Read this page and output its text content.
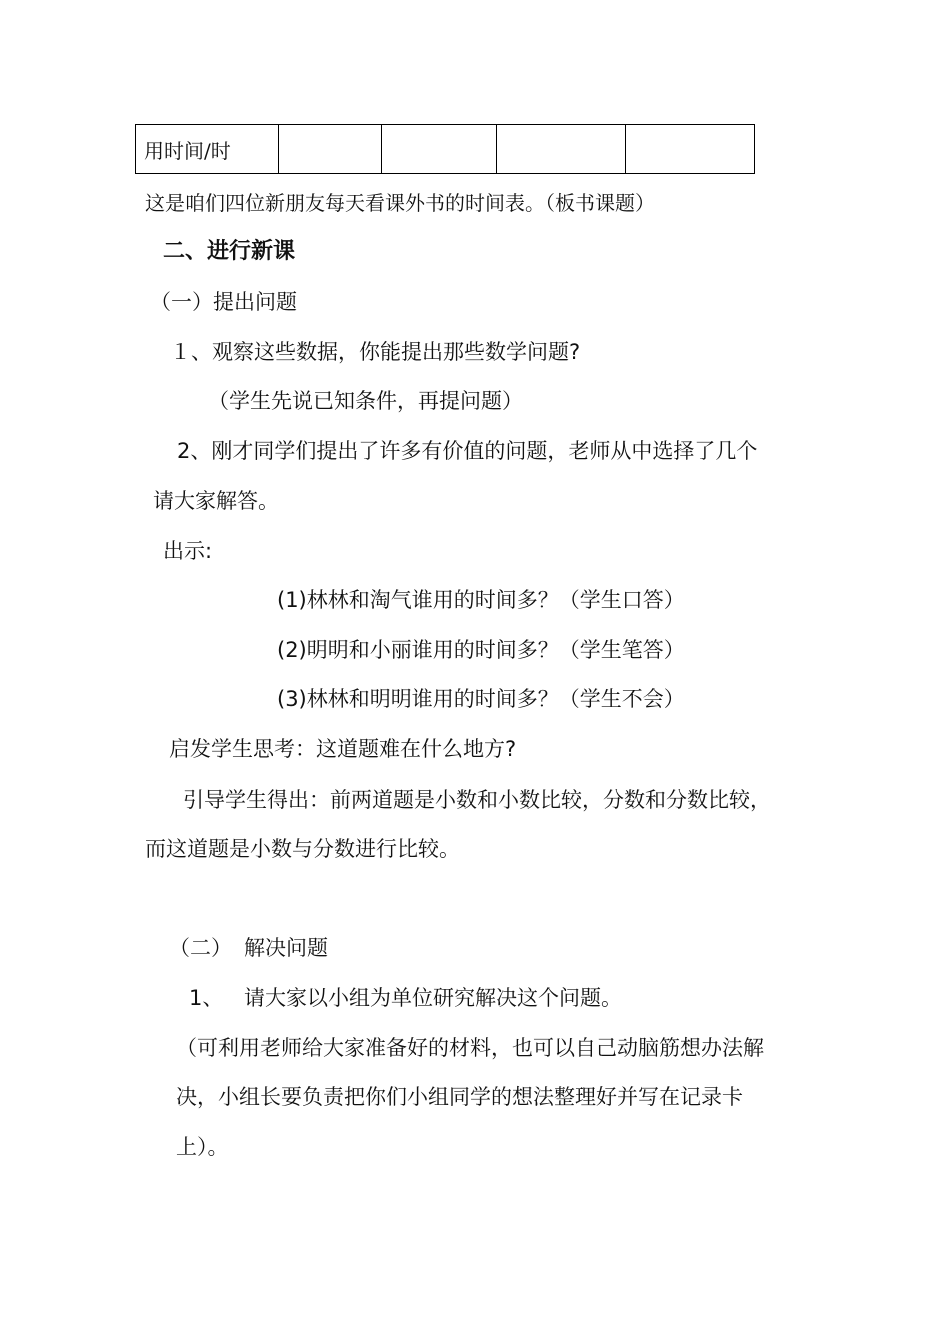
用时间/时				
这是咱们四位新朋友每天看课外书的时间表。（板书课题）
二、进行新课
（一）提出问题
１、观察这些数据，你能提出那些数学问题?
（学生先说已知条件，再提问题）
2、刚才同学们提出了许多有价值的问题，老师从中选择了几个
请大家解答。
出示:
(1)林林和淘气谁用的时间多？（学生口答）
(2)明明和小丽谁用的时间多？（学生笔答）
(3)林林和明明谁用的时间多？（学生不会）
启发学生思考：这道题难在什么地方?
引导学生得出：前两道题是小数和小数比较，分数和分数比较，
而这道题是小数与分数进行比较。
（二） 解决问题
1、 请大家以小组为单位研究解决这个问题。
（可利用老师给大家准备好的材料，也可以自己动脑筋想办法解
决，小组长要负责把你们小组同学的想法整理好并写在记录卡
上）。
